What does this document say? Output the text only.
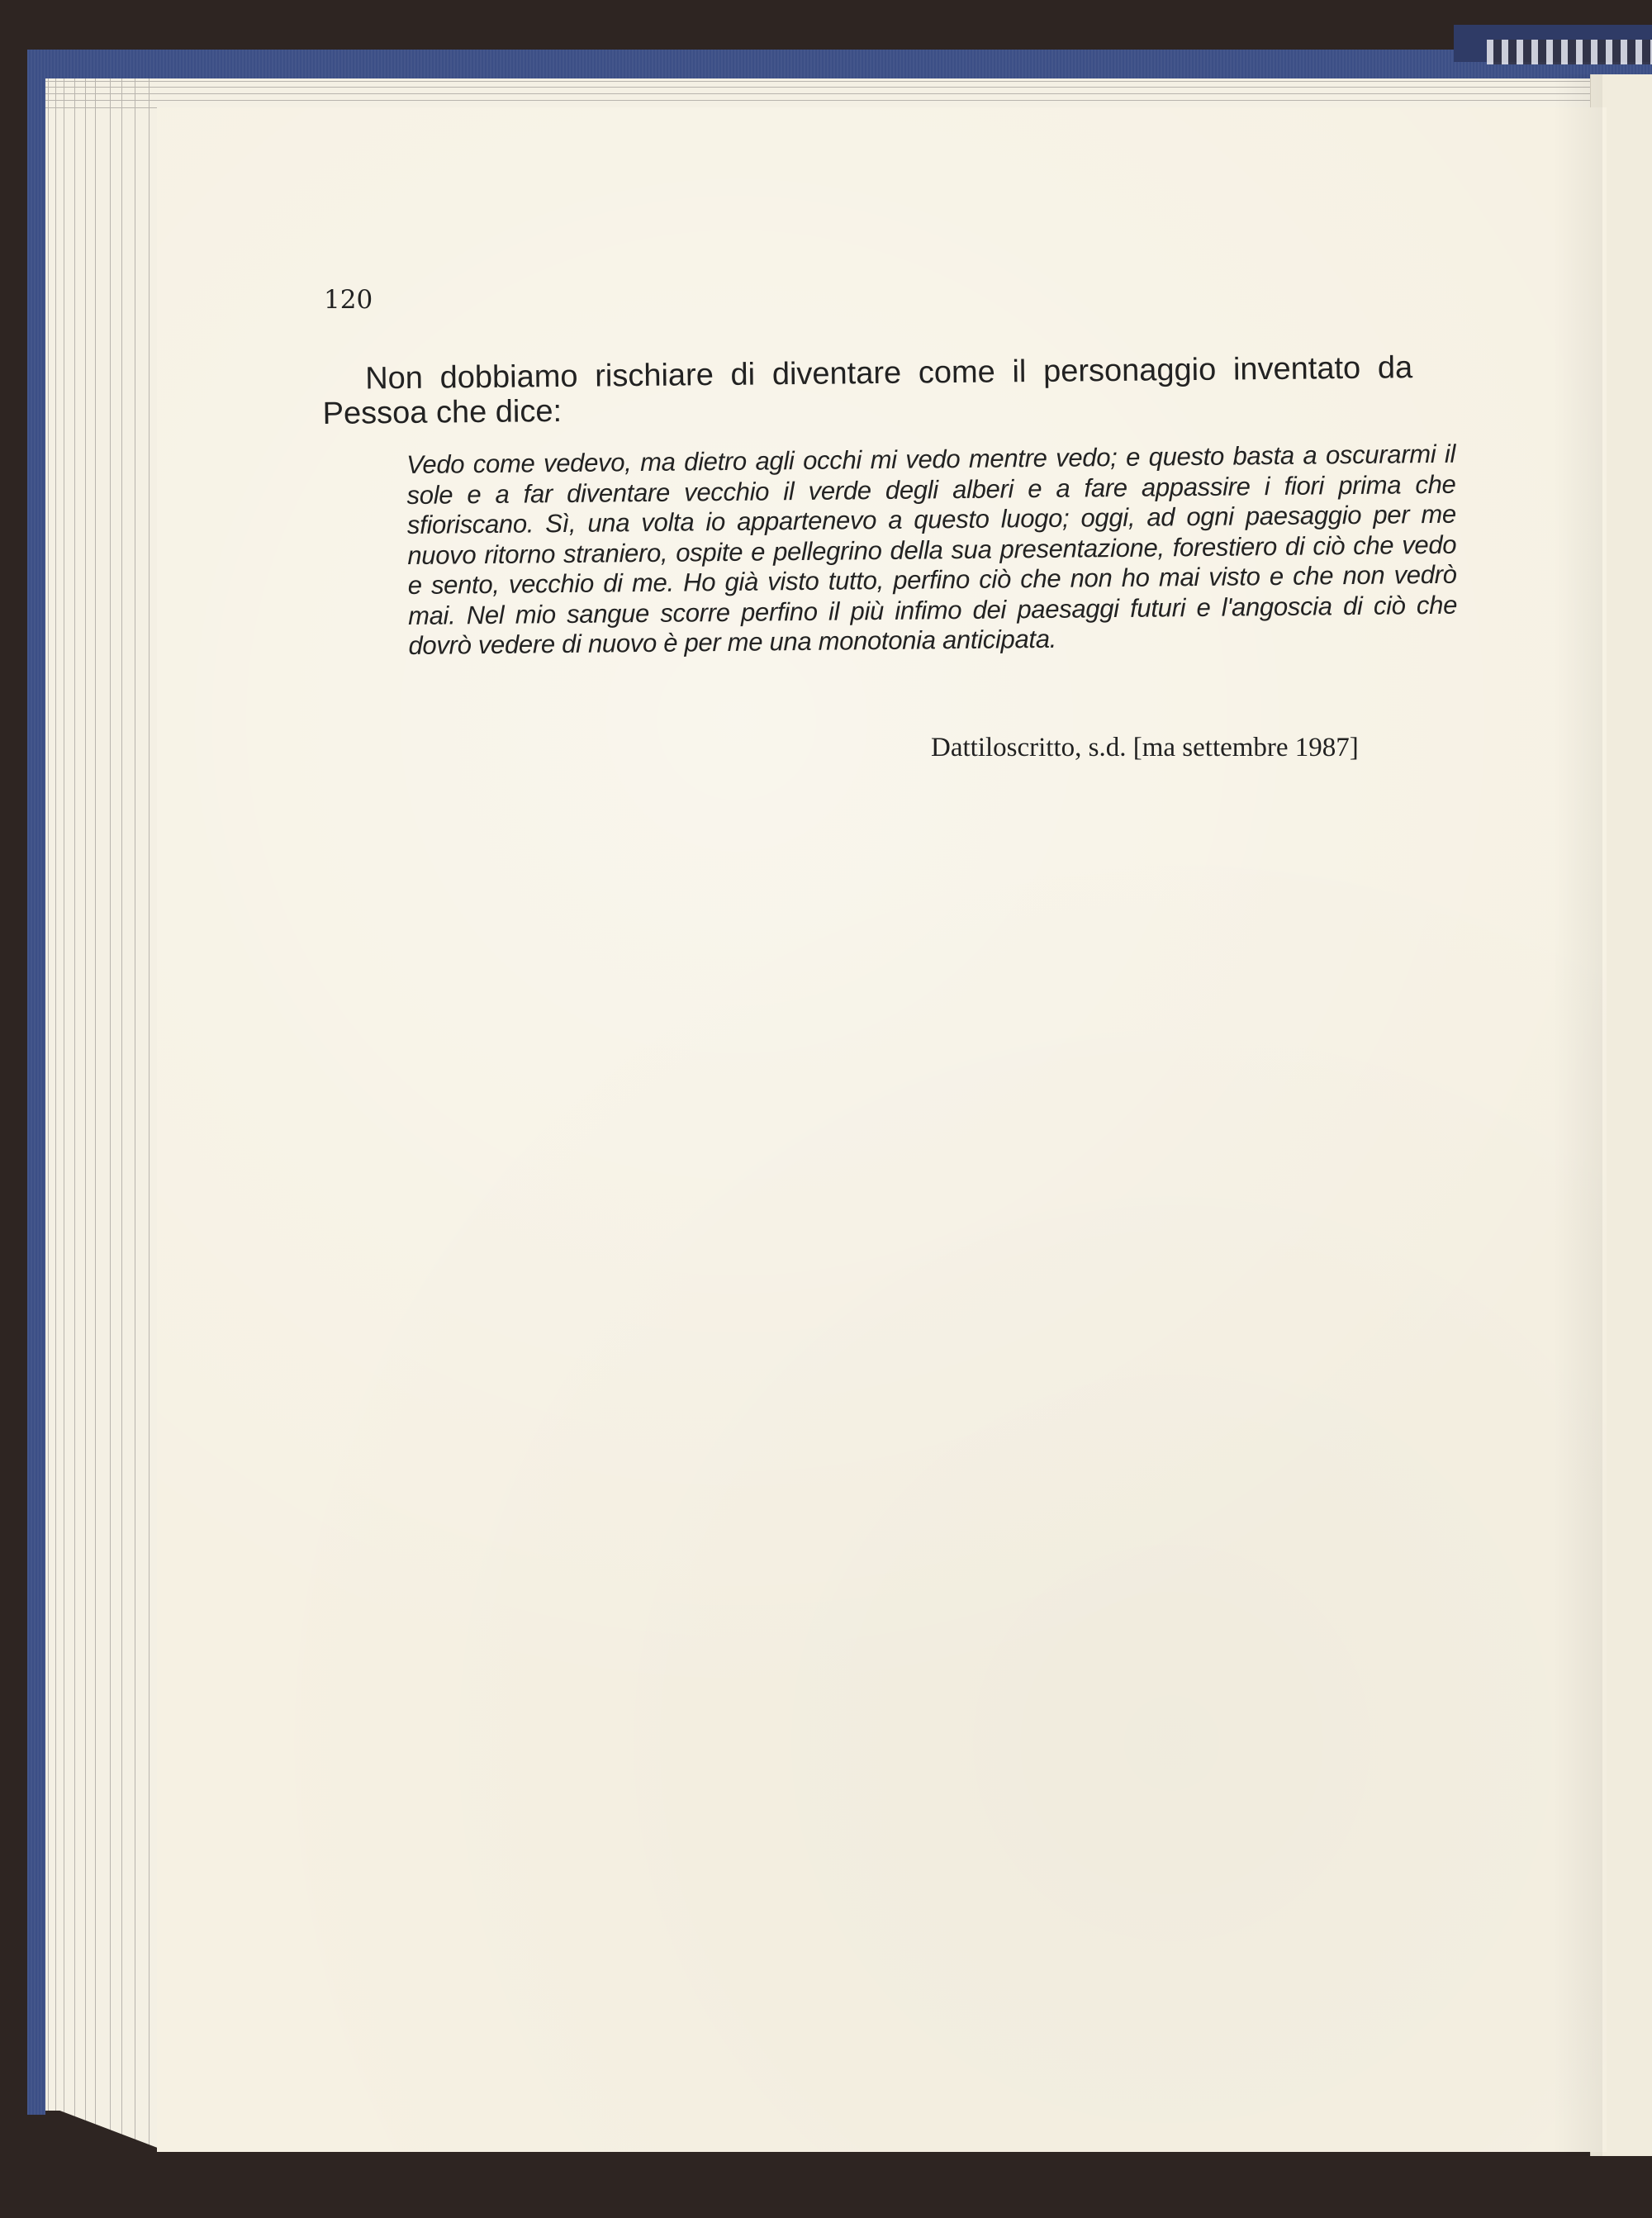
120

Non dobbiamo rischiare di diventare come il personaggio inventato da Pessoa che dice:

Vedo come vedevo, ma dietro agli occhi mi vedo mentre vedo; e questo basta a oscurarmi il sole e a far diventare vecchio il verde degli alberi e a fare appassire i fiori prima che sfioriscano. Sì, una volta io appartenevo a questo luogo; oggi, ad ogni paesaggio per me nuovo ritorno straniero, ospite e pellegrino della sua presentazione, forestiero di ciò che vedo e sento, vecchio di me. Ho già visto tutto, perfino ciò che non ho mai visto e che non vedrò mai. Nel mio sangue scorre perfino il più infimo dei paesaggi futuri e l'angoscia di ciò che dovrò vedere di nuovo è per me una monotonia anticipata.

Dattiloscritto, s.d. [ma settembre 1987]
